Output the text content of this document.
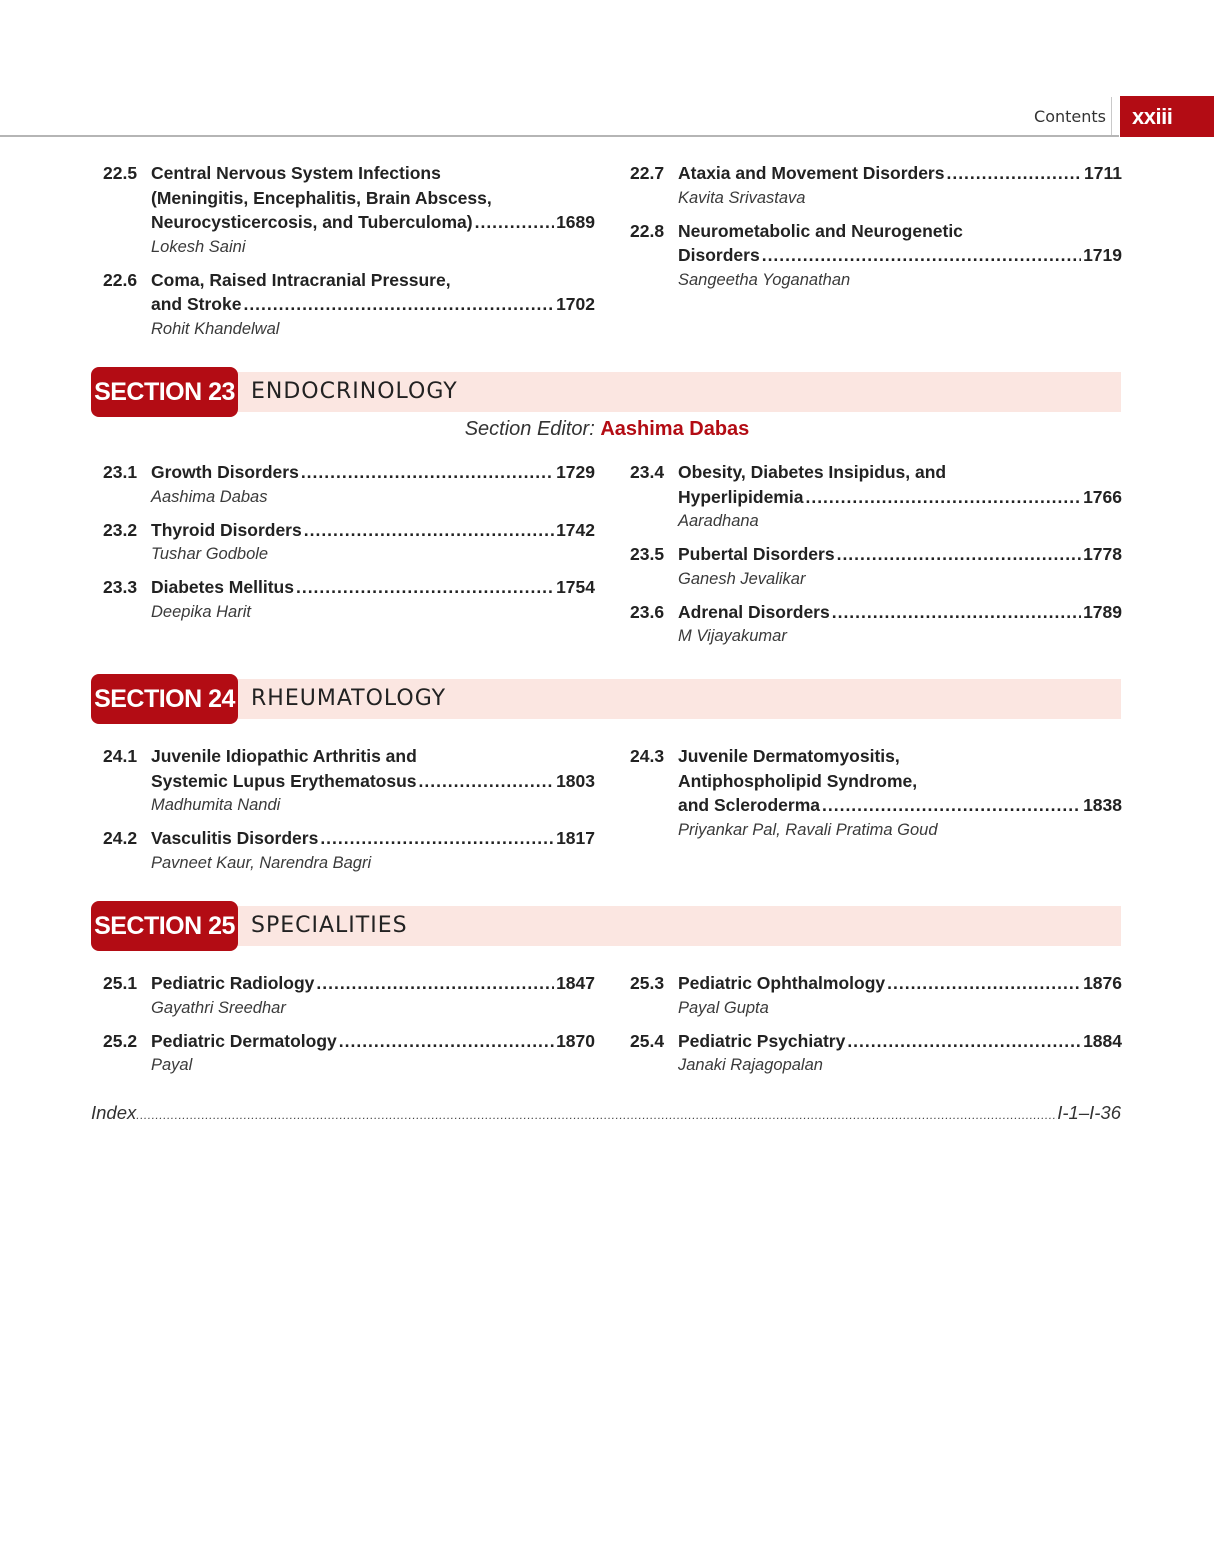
Contents	xxiii
22.5 Central Nervous System Infections
(Meningitis, Encephalitis, Brain Abscess,
Neurocysticercosis, and Tuberculoma) .....	1689
Lokesh Saini
22.6 Coma, Raised Intracranial Pressure,
and Stroke .....	1702
Rohit Khandelwal
22.7 Ataxia and Movement Disorders .....	1711
Kavita Srivastava
22.8 Neurometabolic and Neurogenetic
Disorders .....	1719
Sangeetha Yoganathan
SECTION 23 ENDOCRINOLOGY
Section Editor: Aashima Dabas
23.1 Growth Disorders .....	1729
Aashima Dabas
23.2 Thyroid Disorders .....	1742
Tushar Godbole
23.3 Diabetes Mellitus .....	1754
Deepika Harit
23.4 Obesity, Diabetes Insipidus, and
Hyperlipidemia .....	1766
Aaradhana
23.5 Pubertal Disorders .....	1778
Ganesh Jevalikar
23.6 Adrenal Disorders .....	1789
M Vijayakumar
SECTION 24 RHEUMATOLOGY
24.1 Juvenile Idiopathic Arthritis and
Systemic Lupus Erythematosus .....	1803
Madhumita Nandi
24.2 Vasculitis Disorders .....	1817
Pavneet Kaur, Narendra Bagri
24.3 Juvenile Dermatomyositis,
Antiphospholipid Syndrome,
and Scleroderma .....	1838
Priyankar Pal, Ravali Pratima Goud
SECTION 25 SPECIALITIES
25.1 Pediatric Radiology .....	1847
Gayathri Sreedhar
25.2 Pediatric Dermatology .....	1870
Payal
25.3 Pediatric Ophthalmology .....	1876
Payal Gupta
25.4 Pediatric Psychiatry .....	1884
Janaki Rajagopalan
Index .....	I-1–I-36
